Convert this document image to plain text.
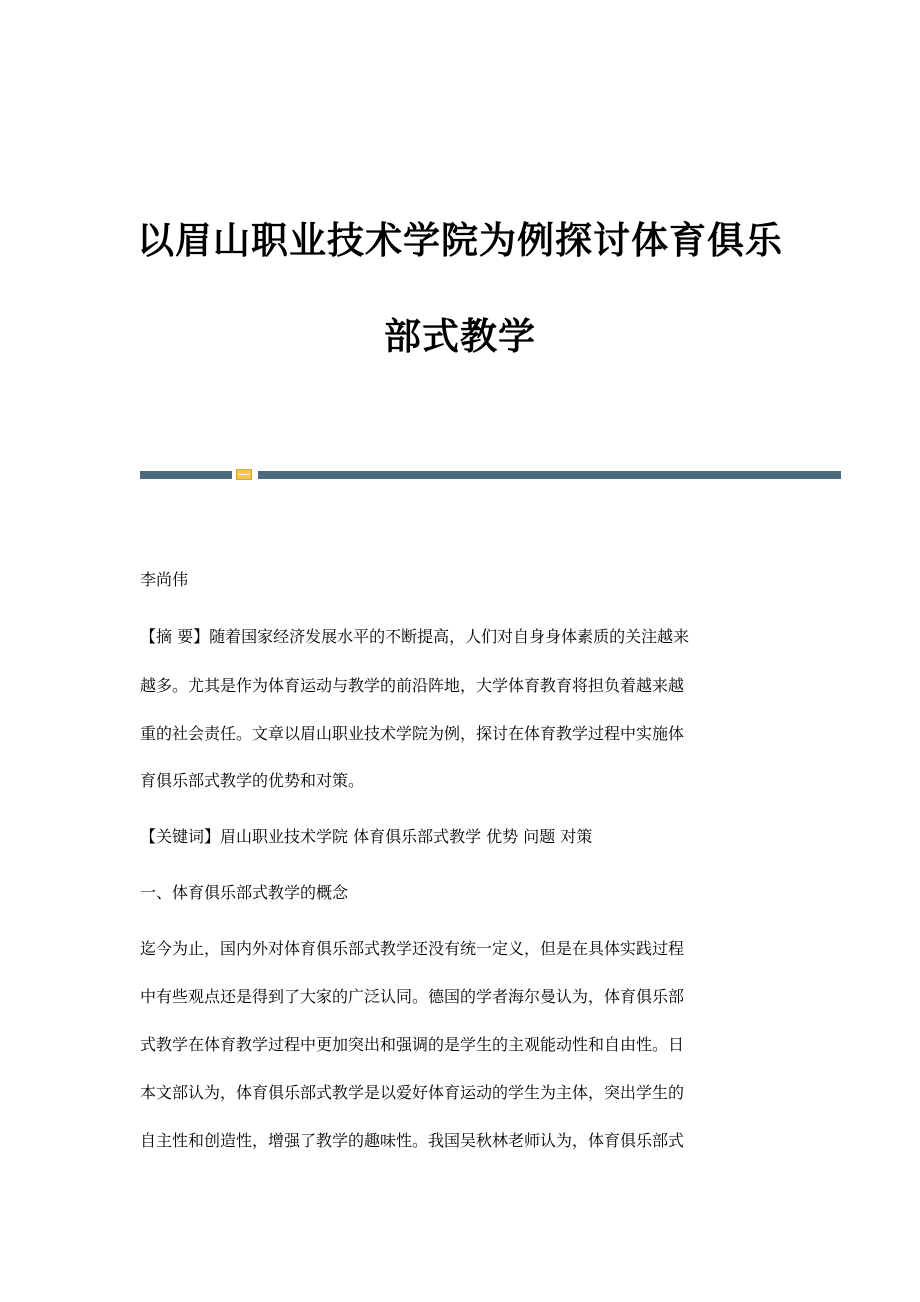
以眉山职业技术学院为例探讨体育俱乐
部式教学
李尚伟
【摘 要】随着国家经济发展水平的不断提高，人们对自身身体素质的关注越来
越多。尤其是作为体育运动与教学的前沿阵地，大学体育教育将担负着越来越
重的社会责任。文章以眉山职业技术学院为例，探讨在体育教学过程中实施体
育俱乐部式教学的优势和对策。
【关键词】眉山职业技术学院 体育俱乐部式教学 优势 问题 对策
一、体育俱乐部式教学的概念
迄今为止，国内外对体育俱乐部式教学还没有统一定义，但是在具体实践过程
中有些观点还是得到了大家的广泛认同。德国的学者海尔曼认为，体育俱乐部
式教学在体育教学过程中更加突出和强调的是学生的主观能动性和自由性。日
本文部认为，体育俱乐部式教学是以爱好体育运动的学生为主体，突出学生的
自主性和创造性，增强了教学的趣味性。我国吴秋林老师认为，体育俱乐部式
